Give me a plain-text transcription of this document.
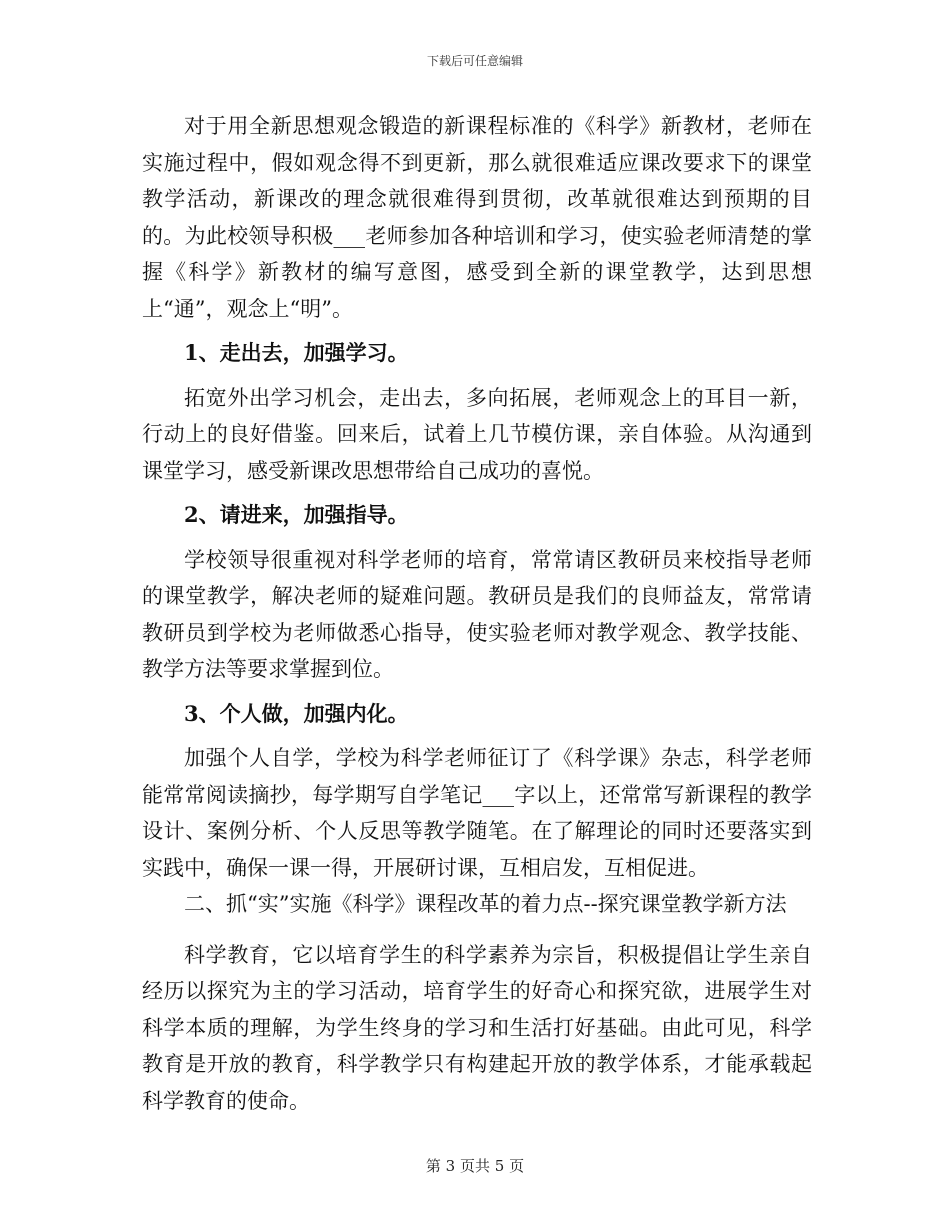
下载后可任意编辑

对于用全新思想观念锻造的新课程标准的《科学》新教材，老师在实施过程中，假如观念得不到更新，那么就很难适应课改要求下的课堂教学活动，新课改的理念就很难得到贯彻，改革就很难达到预期的目的。为此校领导积极___老师参加各种培训和学习，使实验老师清楚的掌握《科学》新教材的编写意图，感受到全新的课堂教学，达到思想上“通”，观念上“明”。

1、走出去，加强学习。

拓宽外出学习机会，走出去，多向拓展，老师观念上的耳目一新，行动上的良好借鉴。回来后，试着上几节模仿课，亲自体验。从沟通到课堂学习，感受新课改思想带给自己成功的喜悦。

2、请进来，加强指导。

学校领导很重视对科学老师的培育，常常请区教研员来校指导老师的课堂教学，解决老师的疑难问题。教研员是我们的良师益友，常常请教研员到学校为老师做悉心指导，使实验老师对教学观念、教学技能、教学方法等要求掌握到位。

3、个人做，加强内化。

加强个人自学，学校为科学老师征订了《科学课》杂志，科学老师能常常阅读摘抄，每学期写自学笔记___字以上，还常常写新课程的教学设计、案例分析、个人反思等教学随笔。在了解理论的同时还要落实到实践中，确保一课一得，开展研讨课，互相启发，互相促进。

二、抓“实”实施《科学》课程改革的着力点--探究课堂教学新方法

科学教育，它以培育学生的科学素养为宗旨，积极提倡让学生亲自经历以探究为主的学习活动，培育学生的好奇心和探究欲，进展学生对科学本质的理解，为学生终身的学习和生活打好基础。由此可见，科学教育是开放的教育，科学教学只有构建起开放的教学体系，才能承载起科学教育的使命。

第 3 页共 5 页
